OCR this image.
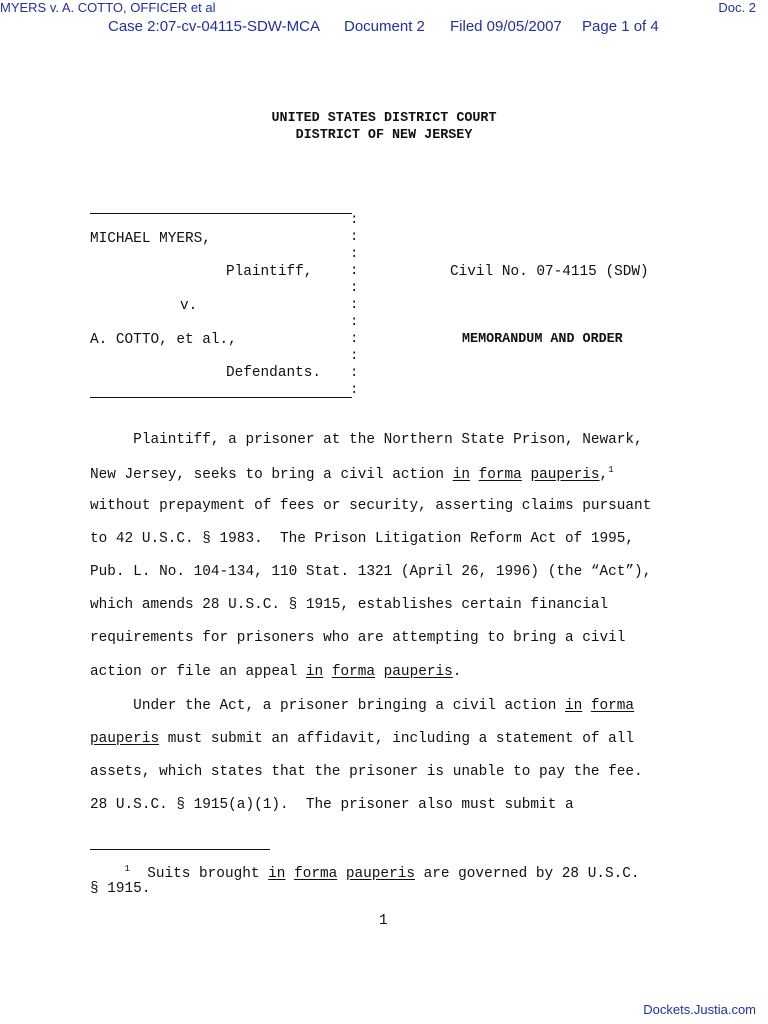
MYERS v. A. COTTO, OFFICER et al	Doc. 2
Case 2:07-cv-04115-SDW-MCA Document 2 Filed 09/05/2007 Page 1 of 4
UNITED STATES DISTRICT COURT
DISTRICT OF NEW JERSEY
:
:
:
:
:
:
:
:
:
:
:
MICHAEL MYERS,
Plaintiff,
v.
A. COTTO, et al.,
Defendants.
Civil No. 07-4115 (SDW)
MEMORANDUM AND ORDER
Plaintiff, a prisoner at the Northern State Prison, Newark,
New Jersey, seeks to bring a civil action in forma pauperis,$^1$
without prepayment of fees or security, asserting claims pursuant
to 42 U.S.C. § 1983.  The Prison Litigation Reform Act of 1995,
Pub. L. No. 104-134, 110 Stat. 1321 (April 26, 1996) (the “Act”),
which amends 28 U.S.C. § 1915, establishes certain financial
requirements for prisoners who are attempting to bring a civil
action or file an appeal in forma pauperis.
Under the Act, a prisoner bringing a civil action in forma
pauperis must submit an affidavit, including a statement of all
assets, which states that the prisoner is unable to pay the fee.
28 U.S.C. § 1915(a)(1).  The prisoner also must submit a
$^1$  Suits brought in forma pauperis are governed by 28 U.S.C.
§ 1915.
1
Dockets.Justia.com
